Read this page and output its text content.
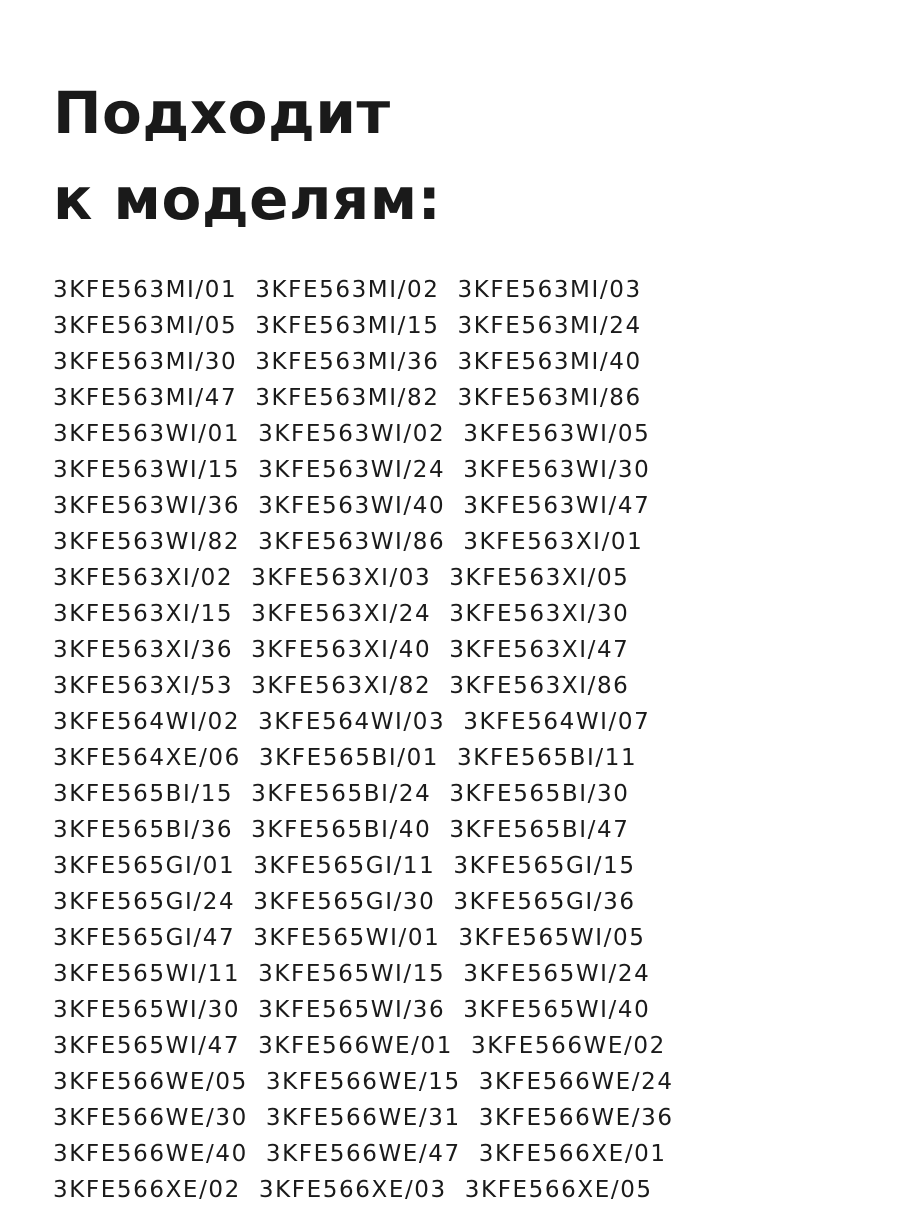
Подходит
к моделям:
3KFE563MI/01 3KFE563MI/02 3KFE563MI/03
3KFE563MI/05 3KFE563MI/15 3KFE563MI/24
3KFE563MI/30 3KFE563MI/36 3KFE563MI/40
3KFE563MI/47 3KFE563MI/82 3KFE563MI/86
3KFE563WI/01 3KFE563WI/02 3KFE563WI/05
3KFE563WI/15 3KFE563WI/24 3KFE563WI/30
3KFE563WI/36 3KFE563WI/40 3KFE563WI/47
3KFE563WI/82 3KFE563WI/86 3KFE563XI/01
3KFE563XI/02 3KFE563XI/03 3KFE563XI/05
3KFE563XI/15 3KFE563XI/24 3KFE563XI/30
3KFE563XI/36 3KFE563XI/40 3KFE563XI/47
3KFE563XI/53 3KFE563XI/82 3KFE563XI/86
3KFE564WI/02 3KFE564WI/03 3KFE564WI/07
3KFE564XE/06 3KFE565BI/01 3KFE565BI/11
3KFE565BI/15 3KFE565BI/24 3KFE565BI/30
3KFE565BI/36 3KFE565BI/40 3KFE565BI/47
3KFE565GI/01 3KFE565GI/11 3KFE565GI/15
3KFE565GI/24 3KFE565GI/30 3KFE565GI/36
3KFE565GI/47 3KFE565WI/01 3KFE565WI/05
3KFE565WI/11 3KFE565WI/15 3KFE565WI/24
3KFE565WI/30 3KFE565WI/36 3KFE565WI/40
3KFE565WI/47 3KFE566WE/01 3KFE566WE/02
3KFE566WE/05 3KFE566WE/15 3KFE566WE/24
3KFE566WE/30 3KFE566WE/31 3KFE566WE/36
3KFE566WE/40 3KFE566WE/47 3KFE566XE/01
3KFE566XE/02 3KFE566XE/03 3KFE566XE/05
